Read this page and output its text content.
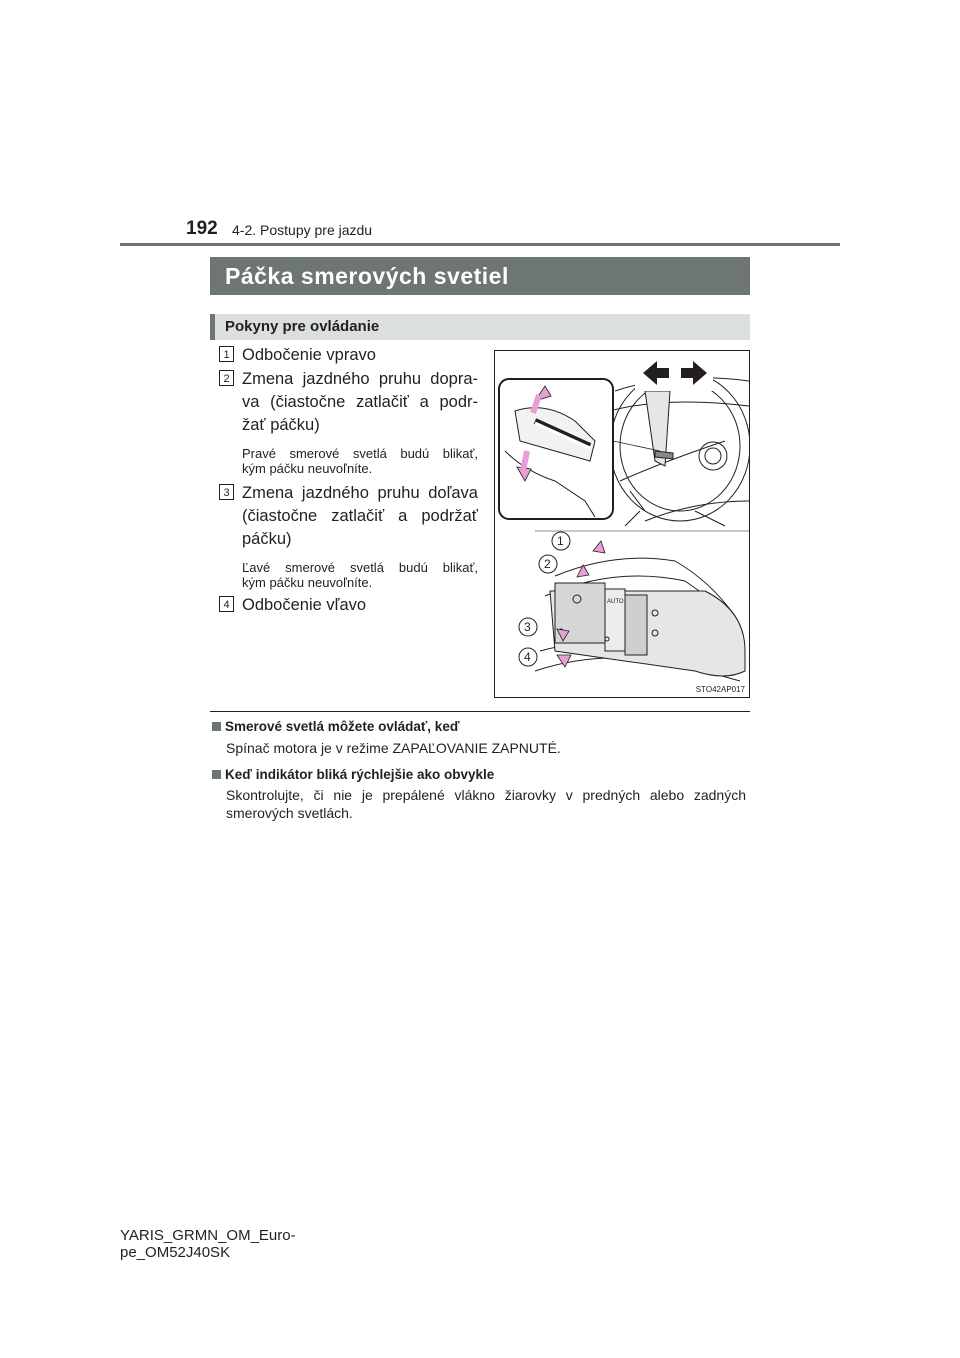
192 4-2. Postupy pre jazdu
Páčka smerových svetiel
Pokyny pre ovládanie
1 Odbočenie vpravo
2 Zmena jazdného pruhu dopra-
va (čiastočne zatlačiť a podr-
žať páčku)
Pravé smerové svetlá budú blikať,
kým páčku neuvoľníte.
3 Zmena jazdného pruhu doľava
(čiastočne zatlačiť a podržať
páčku)
Ľavé smerové svetlá budú blikať,
kým páčku neuvoľníte.
4 Odbočenie vľavo	AUTO
1
2
3
4
STO42AP017
Smerové svetlá môžete ovládať, keď
Spínač motora je v režime ZAPAĽOVANIE ZAPNUTÉ.
Keď indikátor bliká rýchlejšie ako obvykle
Skontrolujte, či nie je prepálené vlákno žiarovky v predných alebo zadných
smerových svetlách.
YARIS_GRMN_OM_Euro-
pe_OM52J40SK
